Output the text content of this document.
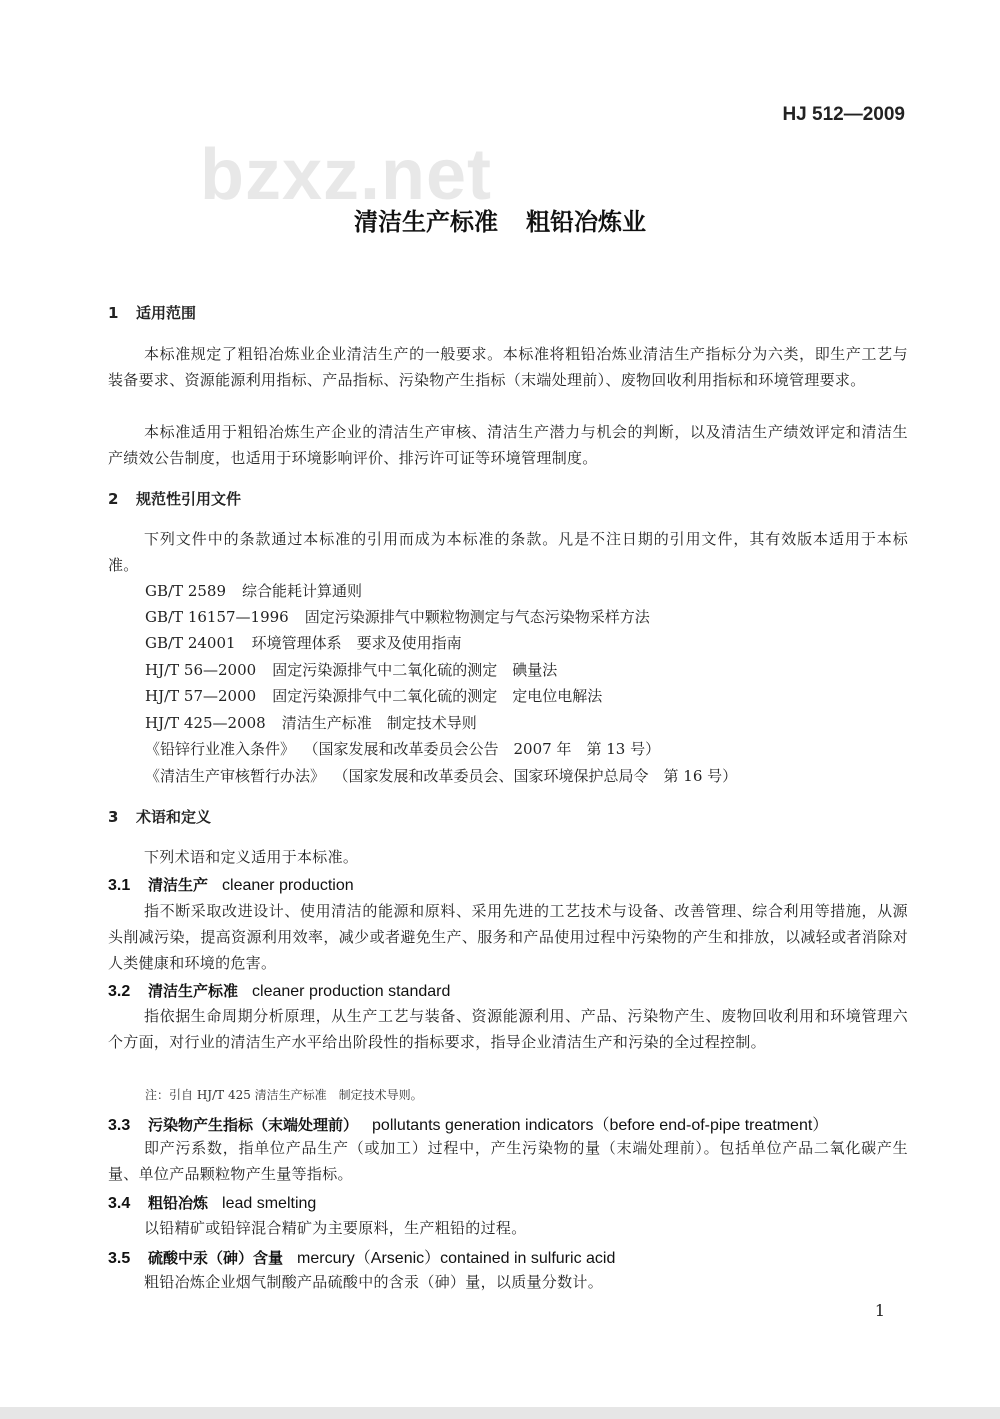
HJ 512—2009
bzxz.net
清洁生产标准 粗铅冶炼业
1 适用范围
本标准规定了粗铅冶炼业企业清洁生产的一般要求。本标准将粗铅冶炼业清洁生产指标分为六类，即生产工艺与装备要求、资源能源利用指标、产品指标、污染物产生指标（末端处理前）、废物回收利用指标和环境管理要求。
本标准适用于粗铅冶炼生产企业的清洁生产审核、清洁生产潜力与机会的判断，以及清洁生产绩效评定和清洁生产绩效公告制度，也适用于环境影响评价、排污许可证等环境管理制度。
2 规范性引用文件
下列文件中的条款通过本标准的引用而成为本标准的条款。凡是不注日期的引用文件，其有效版本适用于本标准。
GB/T 2589 综合能耗计算通则
GB/T 16157—1996 固定污染源排气中颗粒物测定与气态污染物采样方法
GB/T 24001 环境管理体系　要求及使用指南
HJ/T 56—2000 固定污染源排气中二氧化硫的测定　碘量法
HJ/T 57—2000 固定污染源排气中二氧化硫的测定　定电位电解法
HJ/T 425—2008 清洁生产标准　制定技术导则
《铅锌行业准入条件》 （国家发展和改革委员会公告　2007 年　第 13 号）
《清洁生产审核暂行办法》 （国家发展和改革委员会、国家环境保护总局令　第 16 号）
3 术语和定义
下列术语和定义适用于本标准。
3.1 清洁生产 cleaner production
指不断采取改进设计、使用清洁的能源和原料、采用先进的工艺技术与设备、改善管理、综合利用等措施，从源头削减污染，提高资源利用效率，减少或者避免生产、服务和产品使用过程中污染物的产生和排放，以减轻或者消除对人类健康和环境的危害。
3.2 清洁生产标准 cleaner production standard
指依据生命周期分析原理，从生产工艺与装备、资源能源利用、产品、污染物产生、废物回收利用和环境管理六个方面，对行业的清洁生产水平给出阶段性的指标要求，指导企业清洁生产和污染的全过程控制。
注：引自 HJ/T 425 清洁生产标准　制定技术导则。
3.3 污染物产生指标（末端处理前） pollutants generation indicators（before end-of-pipe treatment）
即产污系数，指单位产品生产（或加工）过程中，产生污染物的量（末端处理前）。包括单位产品二氧化碳产生量、单位产品颗粒物产生量等指标。
3.4 粗铅冶炼 lead smelting
以铅精矿或铅锌混合精矿为主要原料，生产粗铅的过程。
3.5 硫酸中汞（砷）含量 mercury（Arsenic）contained in sulfuric acid
粗铅冶炼企业烟气制酸产品硫酸中的含汞（砷）量，以质量分数计。
1
